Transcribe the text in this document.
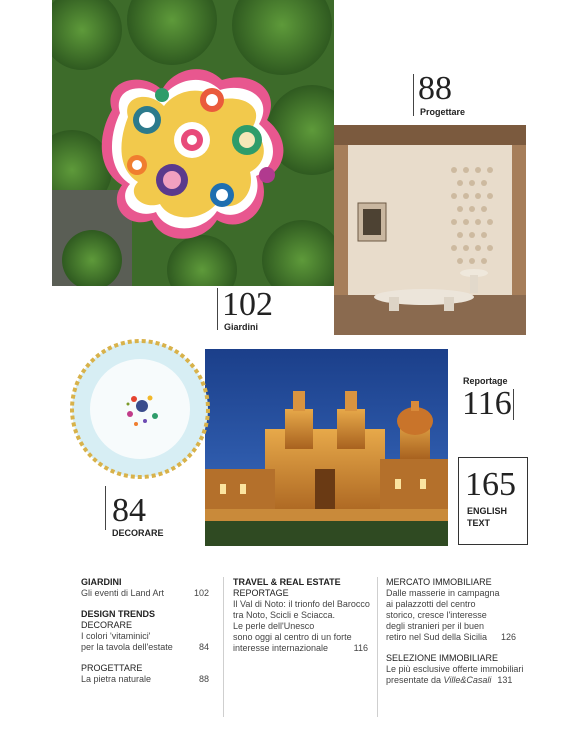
88
Progettare
102
Giardini
Reportage
116
84
DECORARE
165
ENGLISH
TEXT
GIARDINI
Gli eventi di Land Art	102
DESIGN TRENDS
DECORARE
I colori 'vitaminici'
per la tavola dell'estate	84
PROGETTARE
La pietra naturale	88
TRAVEL & REAL ESTATE
REPORTAGE
Il Val di Noto: il trionfo del Barocco
tra Noto, Scicli e Sciacca.
Le perle dell'Unesco
sono oggi al centro di un forte
interesse internazionale	116
MERCATO IMMOBILIARE
Dalle masserie in campagna
ai palazzotti del centro
storico, cresce l'interesse
degli stranieri per il buen
retiro nel Sud della Sicilia 126
SELEZIONE IMMOBILIARE
Le più esclusive offerte immobiliari
presentate da Ville&Casali 131
